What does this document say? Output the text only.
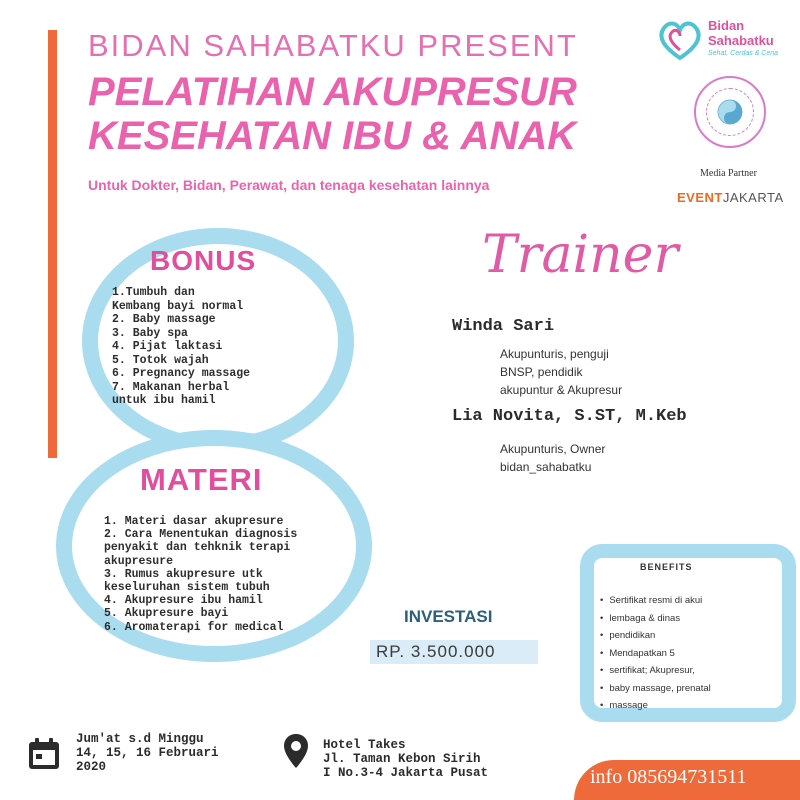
BIDAN SAHABATKU PRESENT
PELATIHAN AKUPRESUR
KESEHATAN IBU & ANAK
Untuk Dokter, Bidan, Perawat, dan tenaga kesehatan lainnya
Bidan
Sahabatku
Sehat, Cerdas & Ceria
Media Partner
EVENTJAKARTA
BONUS
1.Tumbuh dan
Kembang bayi normal
2. Baby massage
3. Baby spa
4. Pijat laktasi
5. Totok wajah
6. Pregnancy massage
7. Makanan herbal
untuk ibu hamil
MATERI
1. Materi dasar akupresure
2. Cara Menentukan diagnosis
penyakit dan tehknik terapi
akupresure
3. Rumus akupresure utk
keseluruhan sistem tubuh
4. Akupresure ibu hamil
5. Akupresure bayi
6. Aromaterapi for medical
Trainer
Winda Sari
Akupunturis, penguji
BNSP, pendidik
akupuntur & Akupresur
Lia Novita, S.ST, M.Keb
Akupunturis, Owner
bidan_sahabatku
BENEFITS
• Sertifikat resmi di akui
• lembaga & dinas
• pendidikan
• Mendapatkan 5
• sertifikat; Akupresur,
• baby massage, prenatal
• massage
INVESTASI
RP. 3.500.000
Jum'at s.d Minggu
14, 15, 16 Februari
2020
Hotel Takes
Jl. Taman Kebon Sirih
I No.3-4 Jakarta Pusat	info 085694731511
